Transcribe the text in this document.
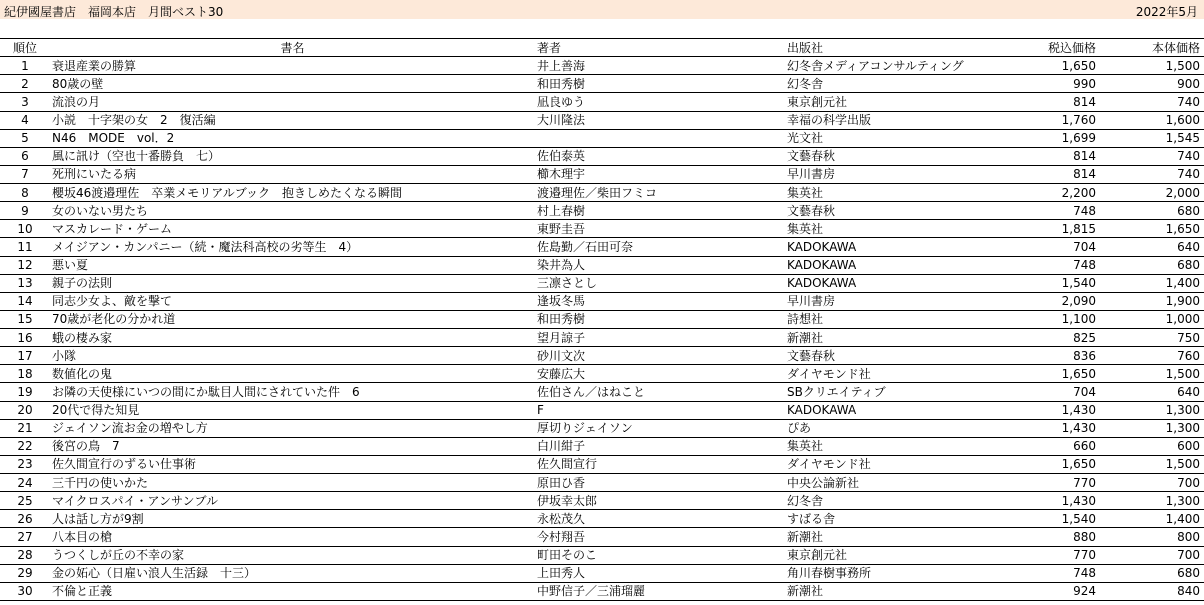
紀伊國屋書店　福岡本店　月間ベスト30	2022年5月
順位	書名	著者	出版社	税込価格	本体価格
1	衰退産業の勝算	井上善海	幻冬舎メディアコンサルティング	1,650	1,500
2	80歳の壁	和田秀樹	幻冬舎	990	900
3	流浪の月	凪良ゆう	東京創元社	814	740
4	小説　十字架の女　2　復活編	大川隆法	幸福の科学出版	1,760	1,600
5	N46　MODE　vol．2		光文社	1,699	1,545
6	風に訊け（空也十番勝負　七）	佐伯泰英	文藝春秋	814	740
7	死刑にいたる病	櫛木理宇	早川書房	814	740
8	櫻坂46渡邉理佐　卒業メモリアルブック　抱きしめたくなる瞬間	渡邉理佐／柴田フミコ	集英社	2,200	2,000
9	女のいない男たち	村上春樹	文藝春秋	748	680
10	マスカレード・ゲーム	東野圭吾	集英社	1,815	1,650
11	メイジアン・カンパニー（続・魔法科高校の劣等生　4）	佐島勤／石田可奈	KADOKAWA	704	640
12	悪い夏	染井為人	KADOKAWA	748	680
13	親子の法則	三凛さとし	KADOKAWA	1,540	1,400
14	同志少女よ、敵を撃て	逢坂冬馬	早川書房	2,090	1,900
15	70歳が老化の分かれ道	和田秀樹	詩想社	1,100	1,000
16	蛾の棲み家	望月諒子	新潮社	825	750
17	小隊	砂川文次	文藝春秋	836	760
18	数値化の鬼	安藤広大	ダイヤモンド社	1,650	1,500
19	お隣の天使様にいつの間にか駄目人間にされていた件　6	佐伯さん／はねこと	SBクリエイティブ	704	640
20	20代で得た知見	F	KADOKAWA	1,430	1,300
21	ジェイソン流お金の増やし方	厚切りジェイソン	ぴあ	1,430	1,300
22	後宮の鳥　7	白川紺子	集英社	660	600
23	佐久間宣行のずるい仕事術	佐久間宣行	ダイヤモンド社	1,650	1,500
24	三千円の使いかた	原田ひ香	中央公論新社	770	700
25	マイクロスパイ・アンサンブル	伊坂幸太郎	幻冬舎	1,430	1,300
26	人は話し方が9割	永松茂久	すばる舎	1,540	1,400
27	八本目の槍	今村翔吾	新潮社	880	800
28	うつくしが丘の不幸の家	町田そのこ	東京創元社	770	700
29	金の妬心（日雇い浪人生活録　十三）	上田秀人	角川春樹事務所	748	680
30	不倫と正義	中野信子／三浦瑠麗	新潮社	924	840
